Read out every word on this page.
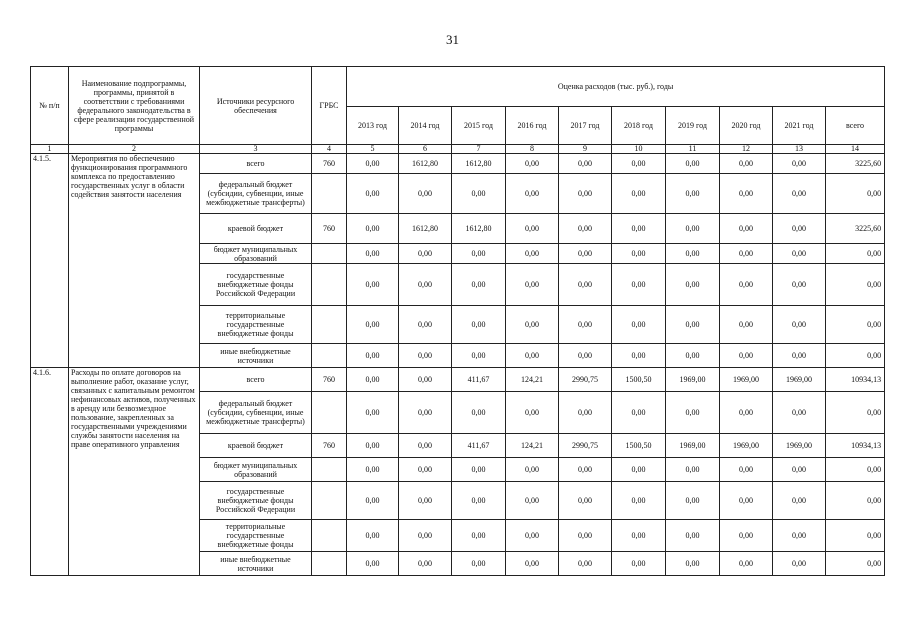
31
№ п/п	Наименование подпрограммы, программы, принятой в соответствии с требованиями федерального законодательства в сфере реализации государственной программы	Источники ресурсного обеспечения	ГРБС	Оценка расходов (тыс. руб.), годы									
				2013 год	2014 год	2015 год	2016 год	2017 год	2018 год	2019 год	2020 год	2021 год	всего
1	2	3	4	5	6	7	8	9	10	11	12	13	14
4.1.5.	Мероприятия по обеспечению функционирования программного комплекса по предоставлению государственных услуг в области содействия занятости населения	всего	760	0,00	1612,80	1612,80	0,00	0,00	0,00	0,00	0,00	0,00	3225,60
		федеральный бюджет (субсидии, субвенции, иные межбюджетные трансферты)		0,00	0,00	0,00	0,00	0,00	0,00	0,00	0,00	0,00	0,00
		краевой бюджет	760	0,00	1612,80	1612,80	0,00	0,00	0,00	0,00	0,00	0,00	3225,60
		бюджет муниципальных образований		0,00	0,00	0,00	0,00	0,00	0,00	0,00	0,00	0,00	0,00
		государственные внебюджетные фонды Российской Федерации		0,00	0,00	0,00	0,00	0,00	0,00	0,00	0,00	0,00	0,00
		территориальные государственные внебюджетные фонды		0,00	0,00	0,00	0,00	0,00	0,00	0,00	0,00	0,00	0,00
		иные внебюджетные источники		0,00	0,00	0,00	0,00	0,00	0,00	0,00	0,00	0,00	0,00
4.1.6.	Расходы по оплате договоров на выполнение работ, оказание услуг, связанных с капитальным ремонтом нефинансовых активов, полученных в аренду или безвозмездное пользование, закрепленных за государственными учреждениями службы занятости населения на праве оперативного управления	всего	760	0,00	0,00	411,67	124,21	2990,75	1500,50	1969,00	1969,00	1969,00	10934,13
		федеральный бюджет (субсидии, субвенции, иные межбюджетные трансферты)		0,00	0,00	0,00	0,00	0,00	0,00	0,00	0,00	0,00	0,00
		краевой бюджет	760	0,00	0,00	411,67	124,21	2990,75	1500,50	1969,00	1969,00	1969,00	10934,13
		бюджет муниципальных образований		0,00	0,00	0,00	0,00	0,00	0,00	0,00	0,00	0,00	0,00
		государственные внебюджетные фонды Российской Федерации		0,00	0,00	0,00	0,00	0,00	0,00	0,00	0,00	0,00	0,00
		территориальные государственные внебюджетные фонды		0,00	0,00	0,00	0,00	0,00	0,00	0,00	0,00	0,00	0,00
		иные внебюджетные источники		0,00	0,00	0,00	0,00	0,00	0,00	0,00	0,00	0,00	0,00
